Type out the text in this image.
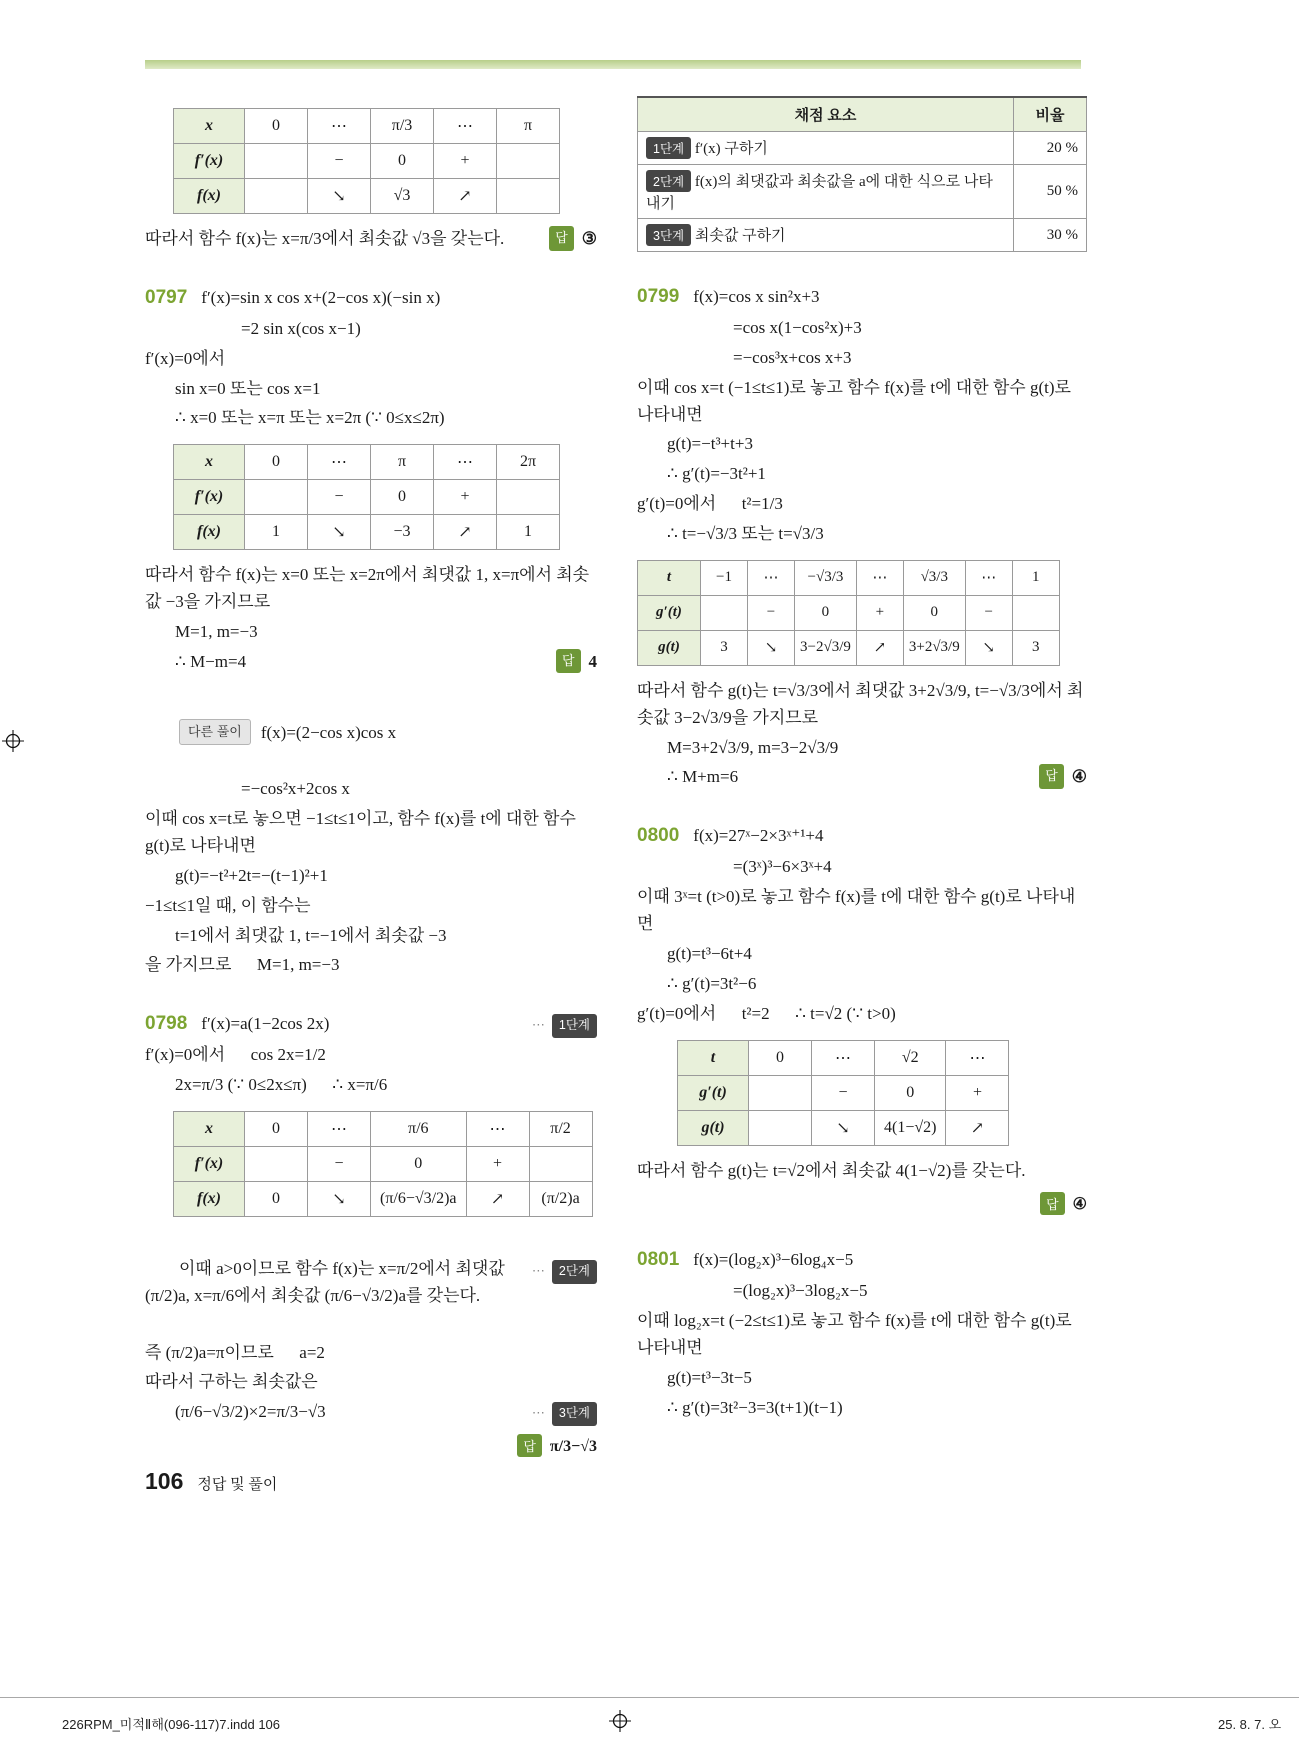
x	0	⋯	π/3	⋯	π
f′(x)		−	0	+	
f(x)		↘	√3	↗	
따라서 함수 f(x)는 x=π/3에서 최솟값 √3을 갖는다.	답 ③
0797 f′(x)=sin x cos x+(2−cos x)(−sin x)
=2 sin x(cos x−1)
f′(x)=0에서
sin x=0 또는 cos x=1
∴ x=0 또는 x=π 또는 x=2π (∵ 0≤x≤2π)
x	0	⋯	π	⋯	2π
f′(x)		−	0	+	
f(x)	1	↘	−3	↗	1
따라서 함수 f(x)는 x=0 또는 x=2π에서 최댓값 1, x=π에서 최솟값 −3을 가지므로
M=1, m=−3
∴ M−m=4	답 4

다른 풀이 f(x)=(2−cos x)cos x

=−cos²x+2cos x
이때 cos x=t로 놓으면 −1≤t≤1이고, 함수 f(x)를 t에 대한 함수 g(t)로 나타내면
g(t)=−t²+2t=−(t−1)²+1
−1≤t≤1일 때, 이 함수는
t=1에서 최댓값 1, t=−1에서 최솟값 −3
을 가지므로      M=1, m=−3
0798 f′(x)=a(1−2cos 2x)	⋯ 1단계
f′(x)=0에서      cos 2x=1/2
2x=π/3 (∵ 0≤2x≤π)      ∴ x=π/6
x	0	⋯	π/6	⋯	π/2
f′(x)		−	0	+	
f(x)	0	↘	(π/6−√3/2)a	↗	(π/2)a

⋯ 2단계
이때 a>0이므로 함수 f(x)는 x=π/2에서 최댓값 (π/2)a, x=π/6에서 최솟값 (π/6−√3/2)a를 갖는다.

즉 (π/2)a=π이므로      a=2
따라서 구하는 최솟값은
(π/6−√3/2)×2=π/3−√3	⋯ 3단계
답 π/3−√3
채점 요소	비율
1단계 f′(x) 구하기	20 %
2단계 f(x)의 최댓값과 최솟값을 a에 대한 식으로 나타내기	50 %
3단계 최솟값 구하기	30 %
0799 f(x)=cos x sin²x+3
=cos x(1−cos²x)+3
=−cos³x+cos x+3
이때 cos x=t (−1≤t≤1)로 놓고 함수 f(x)를 t에 대한 함수 g(t)로 나타내면
g(t)=−t³+t+3
∴ g′(t)=−3t²+1
g′(t)=0에서      t²=1/3
∴ t=−√3/3 또는 t=√3/3
t	−1	⋯	−√3/3	⋯	√3/3	⋯	1
g′(t)		−	0	+	0	−	
g(t)	3	↘	3−2√3/9	↗	3+2√3/9	↘	3
따라서 함수 g(t)는 t=√3/3에서 최댓값 3+2√3/9, t=−√3/3에서 최솟값 3−2√3/9을 가지므로
M=3+2√3/9, m=3−2√3/9
∴ M+m=6	답 ④
0800 f(x)=27ˣ−2×3ˣ⁺¹+4
=(3ˣ)³−6×3ˣ+4
이때 3ˣ=t (t>0)로 놓고 함수 f(x)를 t에 대한 함수 g(t)로 나타내면
g(t)=t³−6t+4
∴ g′(t)=3t²−6
g′(t)=0에서      t²=2      ∴ t=√2 (∵ t>0)
t	0	⋯	√2	⋯
g′(t)		−	0	+
g(t)		↘	4(1−√2)	↗
따라서 함수 g(t)는 t=√2에서 최솟값 4(1−√2)를 갖는다.
답 ④
0801 f(x)=(log₂x)³−6log₄x−5
=(log₂x)³−3log₂x−5
이때 log₂x=t (−2≤t≤1)로 놓고 함수 f(x)를 t에 대한 함수 g(t)로 나타내면
g(t)=t³−3t−5
∴ g′(t)=3t²−3=3(t+1)(t−1)
106 정답 및 풀이
226RPM_미적Ⅱ해(096-117)7.indd 106	25. 8. 7. 오
